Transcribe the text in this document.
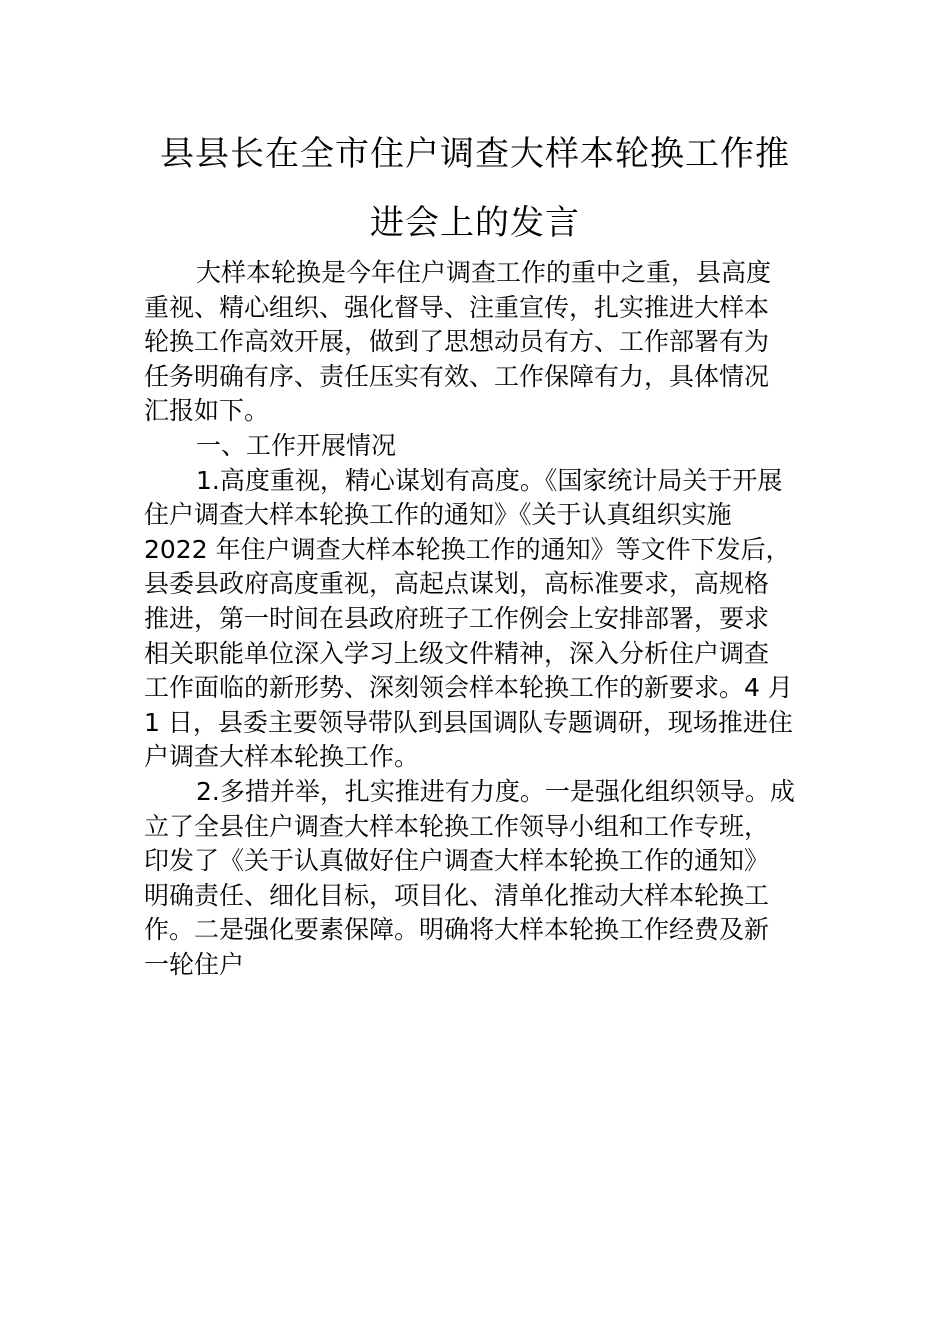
县县长在全市住户调查大样本轮换工作推
进会上的发言

大样本轮换是今年住户调查工作的重中之重，县高度

重视、精心组织、强化督导、注重宣传，扎实推进大样本

轮换工作高效开展，做到了思想动员有方、工作部署有为

任务明确有序、责任压实有效、工作保障有力，具体情况

汇报如下。

一、工作开展情况

1.高度重视，精心谋划有高度。《国家统计局关于开展

住户调查大样本轮换工作的通知》《关于认真组织实施

2022 年住户调查大样本轮换工作的通知》等文件下发后，

县委县政府高度重视，高起点谋划，高标准要求，高规格

推进，第一时间在县政府班子工作例会上安排部署，要求

相关职能单位深入学习上级文件精神，深入分析住户调查

工作面临的新形势、深刻领会样本轮换工作的新要求。4 月

1 日，县委主要领导带队到县国调队专题调研，现场推进住

户调查大样本轮换工作。

2.多措并举，扎实推进有力度。一是强化组织领导。成

立了全县住户调查大样本轮换工作领导小组和工作专班，

印发了《关于认真做好住户调查大样本轮换工作的通知》

明确责任、细化目标，项目化、清单化推动大样本轮换工

作。二是强化要素保障。明确将大样本轮换工作经费及新

一轮住户
